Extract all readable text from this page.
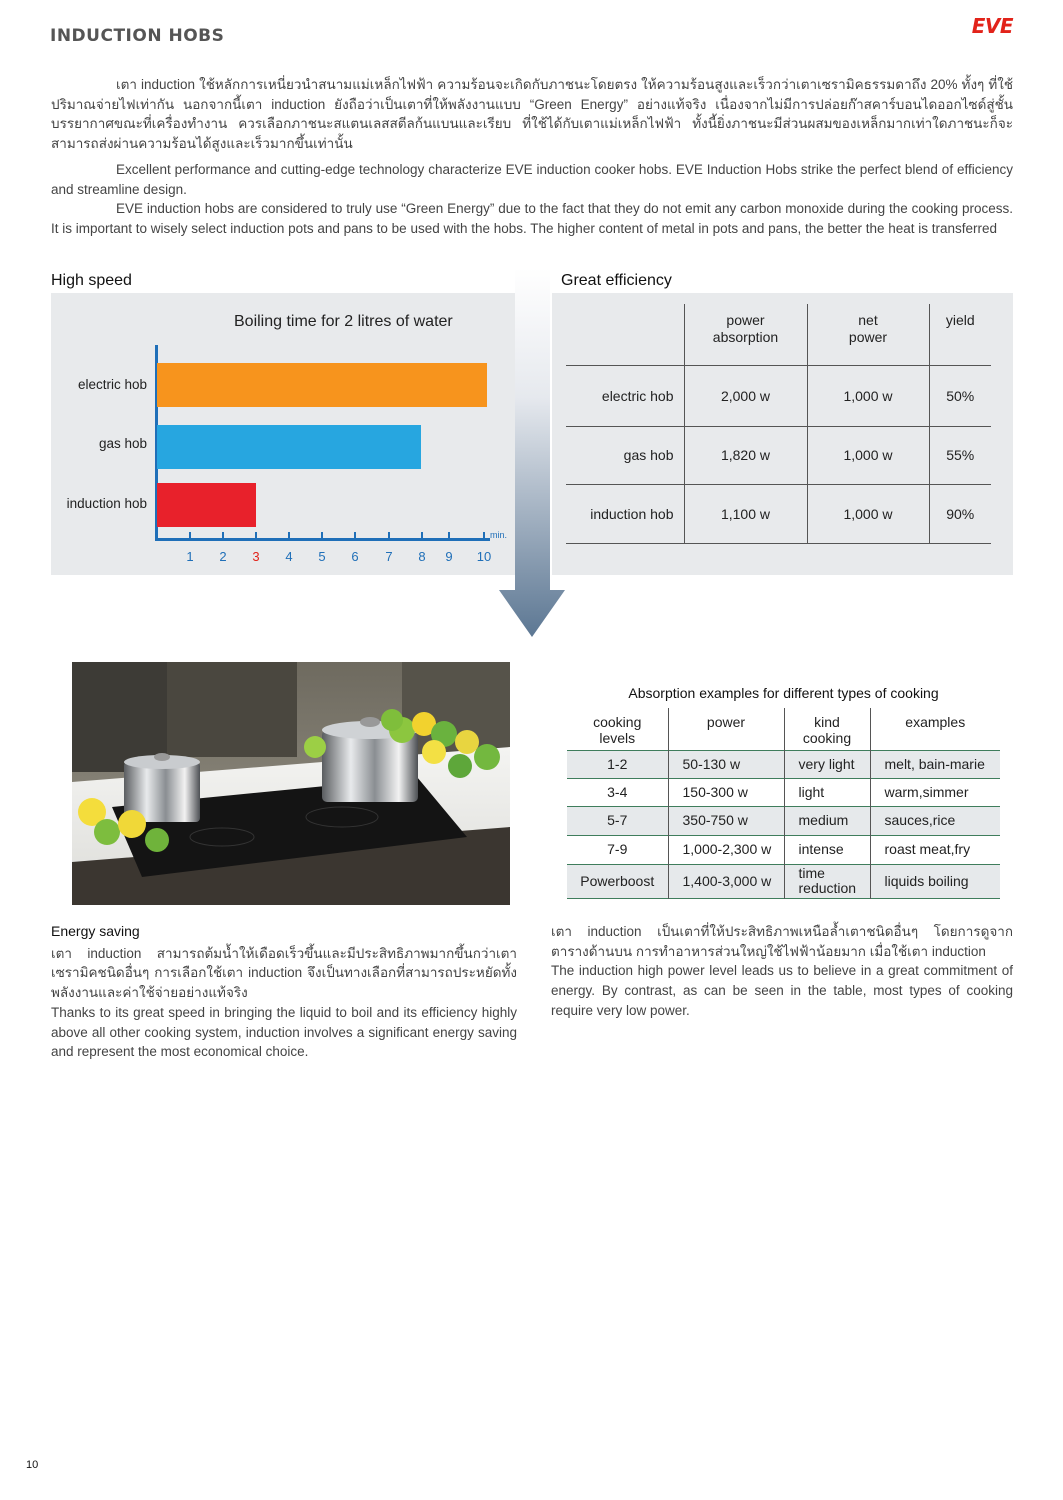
INDUCTION HOBS	EVE

เตา induction ใช้หลักการเหนี่ยวนำสนามแม่เหล็กไฟฟ้า ความร้อนจะเกิดกับภาชนะโดยตรง ให้ความร้อนสูงและเร็วกว่าเตาเซรามิคธรรมดาถึง 20% ทั้งๆ ที่ใช้ปริมาณจ่ายไฟเท่ากัน นอกจากนี้เตา induction ยังถือว่าเป็นเตาที่ให้พลังงานแบบ “Green Energy” อย่างแท้จริง เนื่องจากไม่มีการปล่อยก๊าสคาร์บอนไดออกไซด์สู่ชั้นบรรยากาศขณะที่เครื่องทำงาน ควรเลือกภาชนะสแตนเลสสตีลก้นแบนและเรียบ ที่ใช้ได้กับเตาแม่เหล็กไฟฟ้า ทั้งนี้ยิ่งภาชนะมีส่วนผสมของเหล็กมากเท่าใดภาชนะก็จะสามารถส่งผ่านความร้อนได้สูงและเร็วมากขึ้นเท่านั้น

Excellent performance and cutting-edge technology characterize EVE induction cooker hobs. EVE Induction Hobs strike the perfect blend of efficiency and streamline design.

EVE induction hobs are considered to truly use “Green Energy” due to the fact that they do not emit any carbon monoxide during the cooking process. It is important to wisely select induction pots and pans to be used with the hobs. The higher content of metal in pots and pans, the better the heat is transferred

High speed
Boiling time for 2 litres of water
min.
electric hob
gas hob
induction hob
1	2	3	4	5	6	7	8	9	10
Great efficiency
	power absorption	net power	yield
electric hob	2,000 w	1,000 w	50%
gas hob	1,820 w	1,000 w	55%
induction hob	1,100 w	1,000 w	90%
Absorption examples for different types of cooking
cooking levels	power	kind cooking	examples
1-2	50-130 w	very light	melt, bain-marie
3-4	150-300 w	light	warm,simmer
5-7	350-750 w	medium	sauces,rice
7-9	1,000-2,300 w	intense	roast meat,fry
Powerboost	1,400-3,000 w	time reduction	liquids boiling
Energy saving

เตา induction สามารถต้มน้ำให้เดือดเร็วขึ้นและมีประสิทธิภาพมากขึ้นกว่าเตาเซรามิคชนิดอื่นๆ การเลือกใช้เตา induction จึงเป็นทางเลือกที่สามารถประหยัดทั้งพลังงานและค่าใช้จ่ายอย่างแท้จริง

Thanks to its great speed in bringing the liquid to boil and its efficiency highly above all other cooking system, induction involves a significant energy saving and represent the most economical choice.

เตา induction เป็นเตาที่ให้ประสิทธิภาพเหนือล้ำเตาชนิดอื่นๆ โดยการดูจากตารางด้านบน การทำอาหารส่วนใหญ่ใช้ไฟฟ้าน้อยมาก เมื่อใช้เตา induction

The induction high power level leads us to believe in a great commitment of energy. By contrast, as can be seen in the table, most types of cooking require very low power.

10
